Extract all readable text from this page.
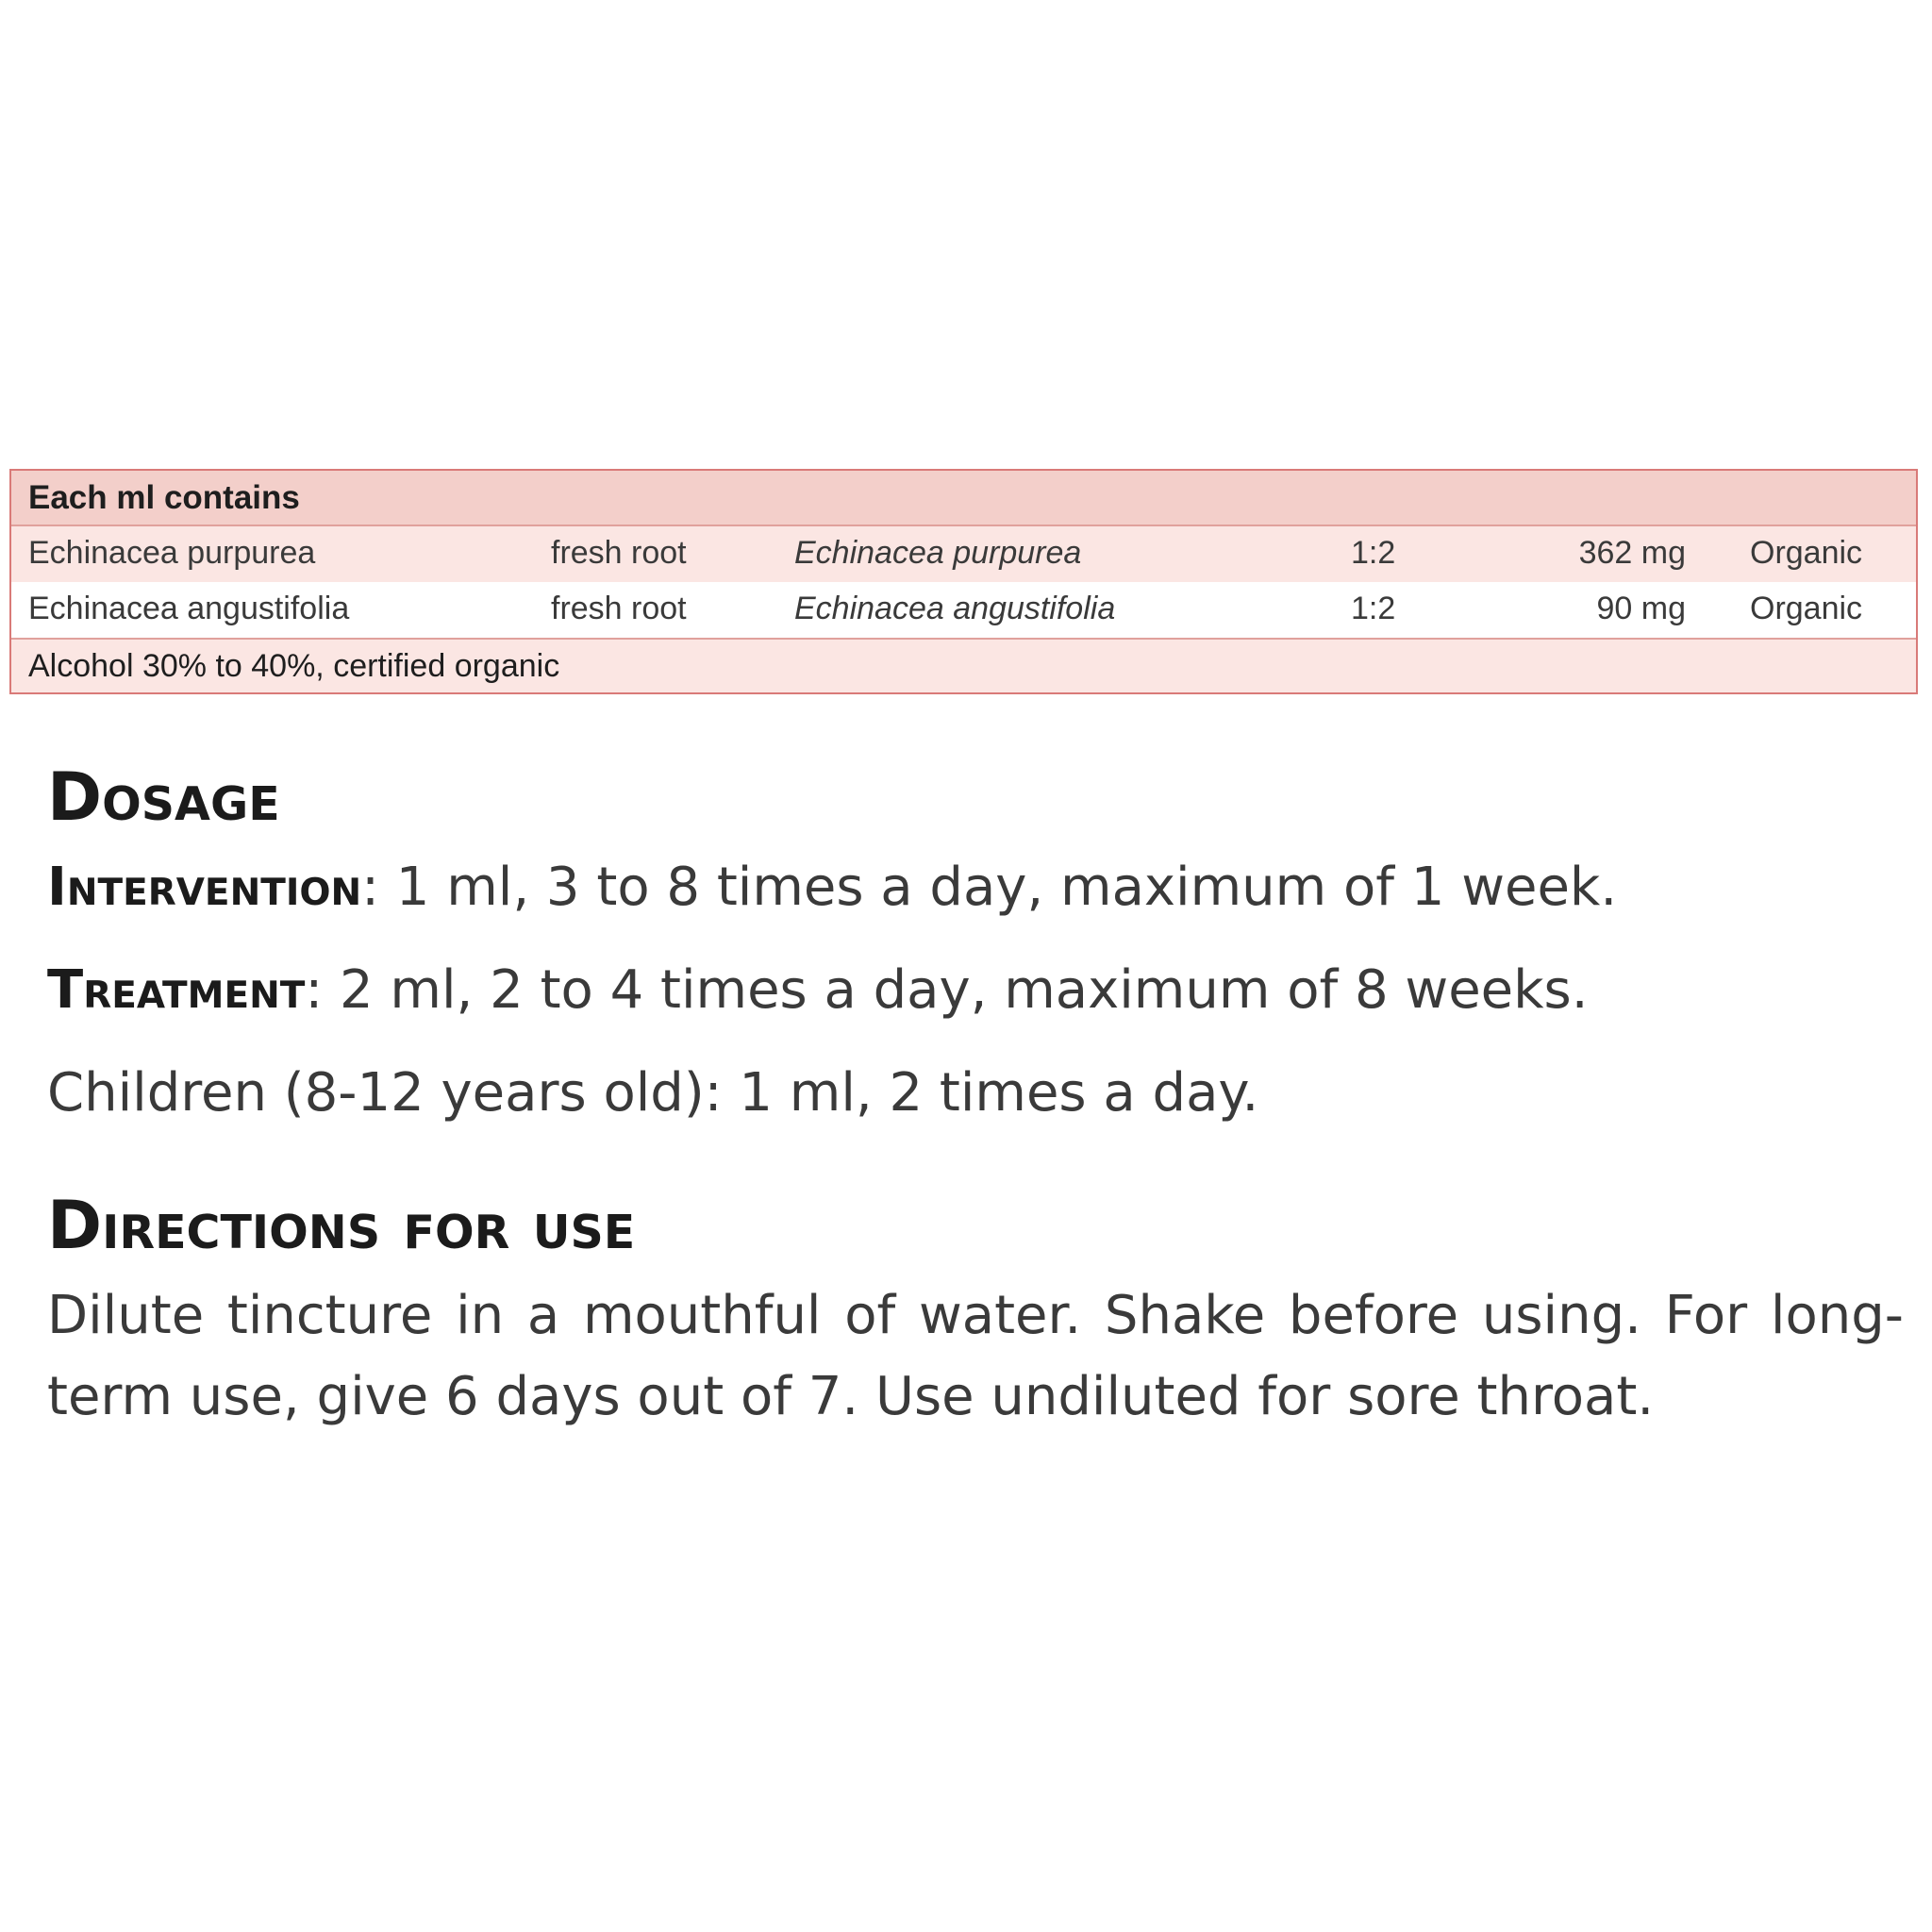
Each ml contains
Echinacea purpurea	fresh root	Echinacea purpurea	1:2	362 mg Organic
Echinacea angustifolia	fresh root	Echinacea angustifolia	1:2	90 mg Organic
Alcohol 30% to 40%, certified organic
Dosage
Intervention: 1 ml, 3 to 8 times a day, maximum of 1 week.
Treatment: 2 ml, 2 to 4 times a day, maximum of 8 weeks.
Children (8-12 years old): 1 ml, 2 times a day.
Directions for use

Dilute tincture in a mouthful of water. Shake before using. For long-term use, give 6 days out of 7. Use undiluted for sore throat.
